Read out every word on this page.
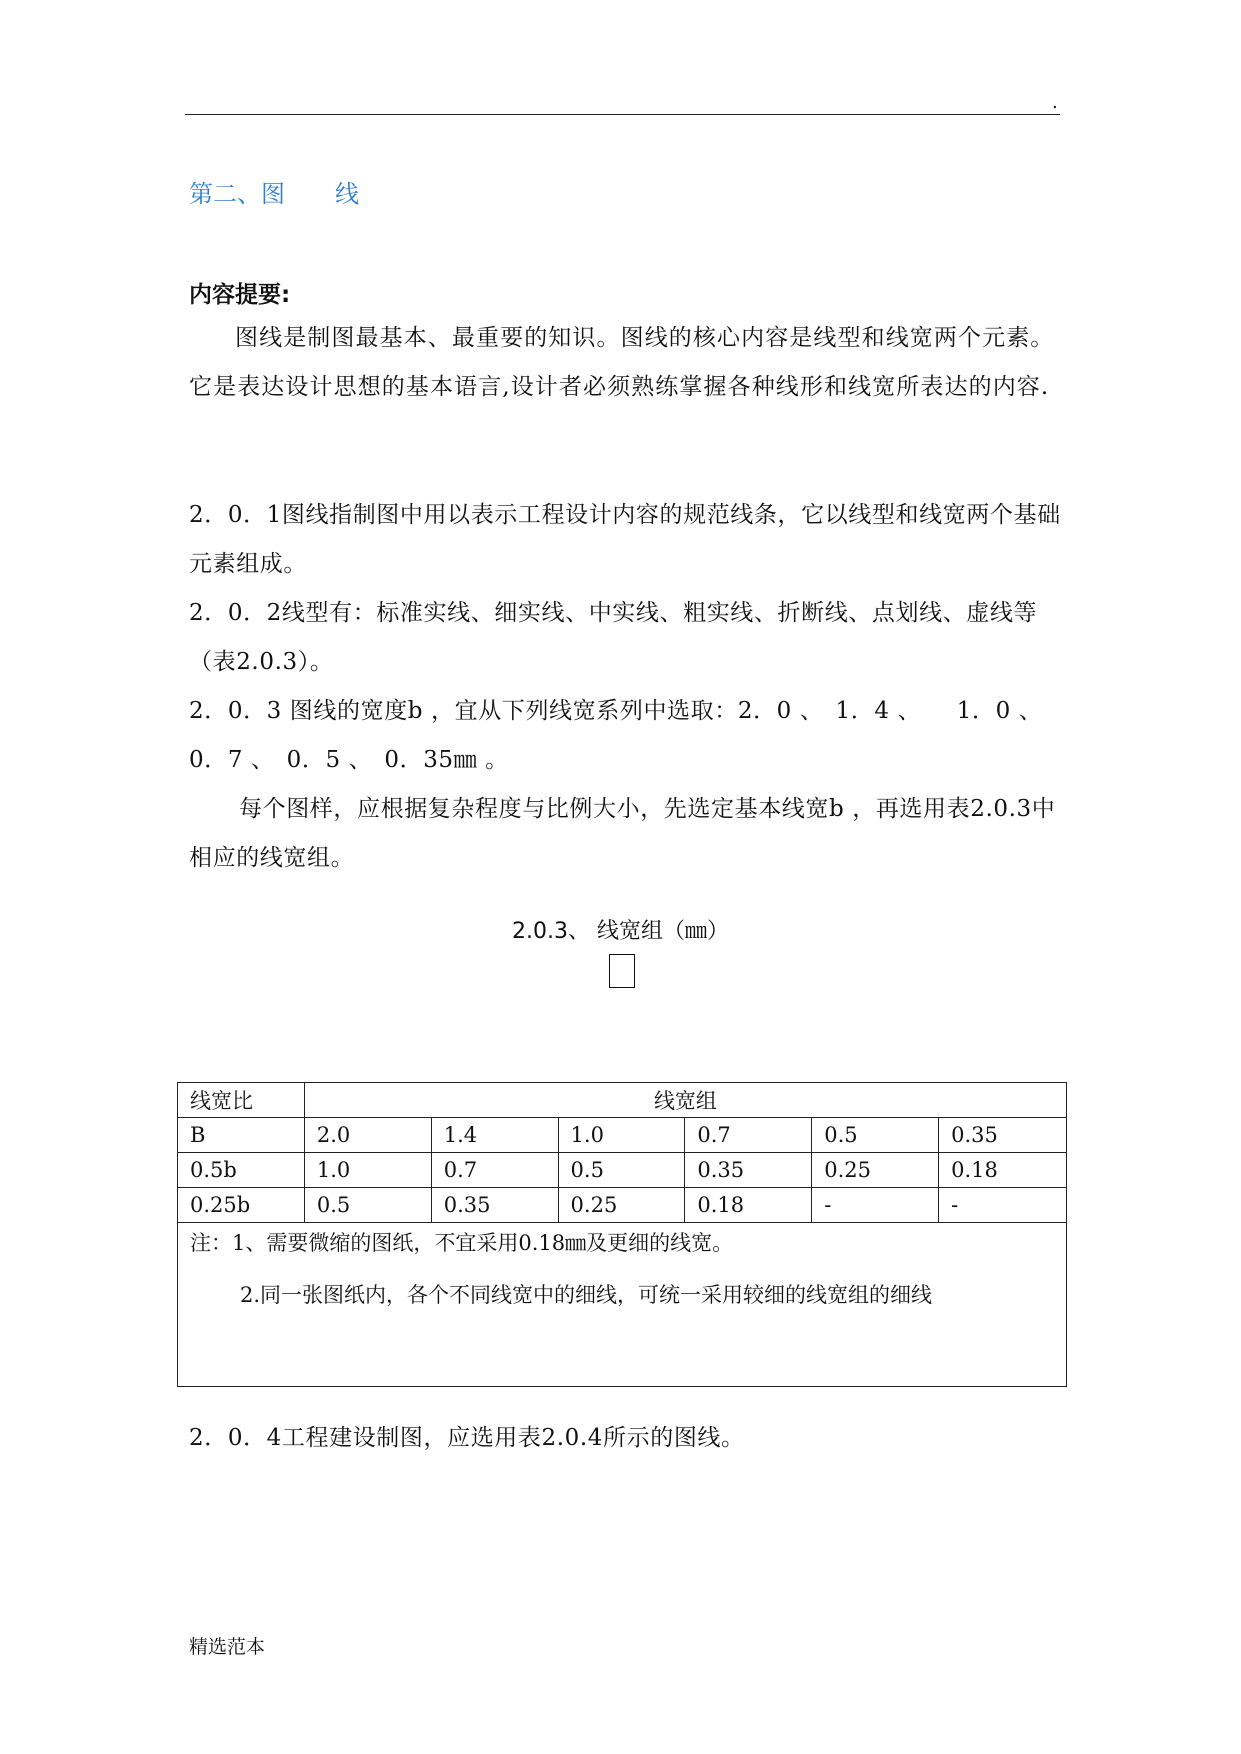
.
第二、图 线
内容提要:
图线是制图最基本、最重要的知识。图线的核心内容是线型和线宽两个元素。它是表达设计思想的基本语言,设计者必须熟练掌握各种线形和线宽所表达的内容.
2．0．1图线指制图中用以表示工程设计内容的规范线条，它以线型和线宽两个基础元素组成。
2．0．2线型有：标准实线、细实线、中实线、粗实线、折断线、点划线、虚线等（表2.0.3）。
2．0．3 图线的宽度b ，宜从下列线宽系列中选取：2．0 、　1．4 、　　1．0 、0．7 、　0．5 、　0．35㎜ 。
每个图样，应根据复杂程度与比例大小，先选定基本线宽b ，再选用表2.0.3中相应的线宽组。
2.0.3、 线宽组（㎜）
线宽比	线宽组					
B	2.0	1.4	1.0	0.7	0.5	0.35
0.5b	1.0	0.7	0.5	0.35	0.25	0.18
0.25b	0.5	0.35	0.25	0.18	-	-
注：1、需要微缩的图纸，不宜采用0.18㎜及更细的线宽。
2.同一张图纸内，各个不同线宽中的细线，可统一采用较细的线宽组的细线						
2．0．4工程建设制图，应选用表2.0.4所示的图线。
精选范本
